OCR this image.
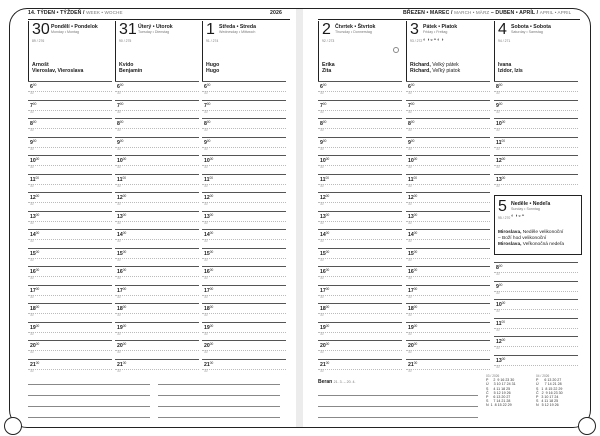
14. TÝDEN • TÝŽDEŇ / WEEK • WOCHE	2026	BŘEZEN • MAREC / MARCH • MÄRZ – DUBEN • APRÍL / APRIL • APRIL
30 Pondělí • Pondelok
Monday • Montag
89 / 276
Arnošt
Vieroslav, Vieroslava
$6^{00}$
30
$7^{00}$
30
$8^{00}$
30
$9^{00}$
30
$10^{00}$
30
$11^{00}$
30
$12^{00}$
30
$13^{00}$
30
$14^{00}$
30
$15^{00}$
30
$16^{00}$
30
$17^{00}$
30
$18^{00}$
30
$19^{00}$
30
$20^{00}$
30
$21^{00}$
30
31 Úterý • Utorok
Tuesday • Dienstag
90 / 275
Kvido
Benjamín
$6^{00}$
30
$7^{00}$
30
$8^{00}$
30
$9^{00}$
30
$10^{00}$
30
$11^{00}$
30
$12^{00}$
30
$13^{00}$
30
$14^{00}$
30
$15^{00}$
30
$16^{00}$
30
$17^{00}$
30
$18^{00}$
30
$19^{00}$
30
$20^{00}$
30
$21^{00}$
30
1 Středa • Streda
Wednesday • Mittwoch
91 / 274
Hugo
Hugo
$6^{00}$
30
$7^{00}$
30
$8^{00}$
30
$9^{00}$
30
$10^{00}$
30
$11^{00}$
30
$12^{00}$
30
$13^{00}$
30
$14^{00}$
30
$15^{00}$
30
$16^{00}$
30
$17^{00}$
30
$18^{00}$
30
$19^{00}$
30
$20^{00}$
30
$21^{00}$
30
2 Čtvrtek • Štvrtok
Thursday • Donnerstag
92 / 273
Erika
Zita
$6^{00}$
30
$7^{00}$
30
$8^{00}$
30
$9^{00}$
30
$10^{00}$
30
$11^{00}$
30
$12^{00}$
30
$13^{00}$
30
$14^{00}$
30
$15^{00}$
30
$16^{00}$
30
$17^{00}$
30
$18^{00}$
30
$19^{00}$
30
$20^{00}$
30
$21^{00}$
30
3 Pátek • Piatok
Friday • Freitag
93 / 272 ◐◑◒◓◐◑
Richard, Velký pátek
Richard, Veľký piatok
$6^{00}$
30
$7^{00}$
30
$8^{00}$
30
$9^{00}$
30
$10^{00}$
30
$11^{00}$
30
$12^{00}$
30
$13^{00}$
30
$14^{00}$
30
$15^{00}$
30
$16^{00}$
30
$17^{00}$
30
$18^{00}$
30
$19^{00}$
30
$20^{00}$
30
$21^{00}$
30
4 Sobota • Sobota
Saturday • Samstag
94 / 271
Ivana
Izidor, Izis
$8^{00}$
30
$9^{00}$
30
$10^{00}$
30
$11^{00}$
30
$12^{00}$
30
$13^{00}$
30
5 Neděle • Nedeľa
Sunday • Sonntag
95 / 270 ◐◑◒◓
Miroslava, Neděle velikonoční
– Boží hod velikonoční
Miroslava, Veľkonočná nedeľa
$8^{00}$
30
$9^{00}$
30
$10^{00}$
30
$11^{00}$
30
$12^{00}$
30
$13^{00}$
30
Beran 21. 3. – 20. 4.
03 / 2026
P     2  9 16 23 30
Ú     3 10 17 24 31
S     4 11 18 25
Č     5 12 19 26
P     6 13 20 27
S     7 14 21 28
N  1  8 15 22 29
04 / 2026
P      6 13 20 27
Ú      7 14 21 28
S   1  8 15 22 29
Č   2  9 16 23 30
P   3 10 17 24
S   4 11 18 25
N   5 12 19 26
